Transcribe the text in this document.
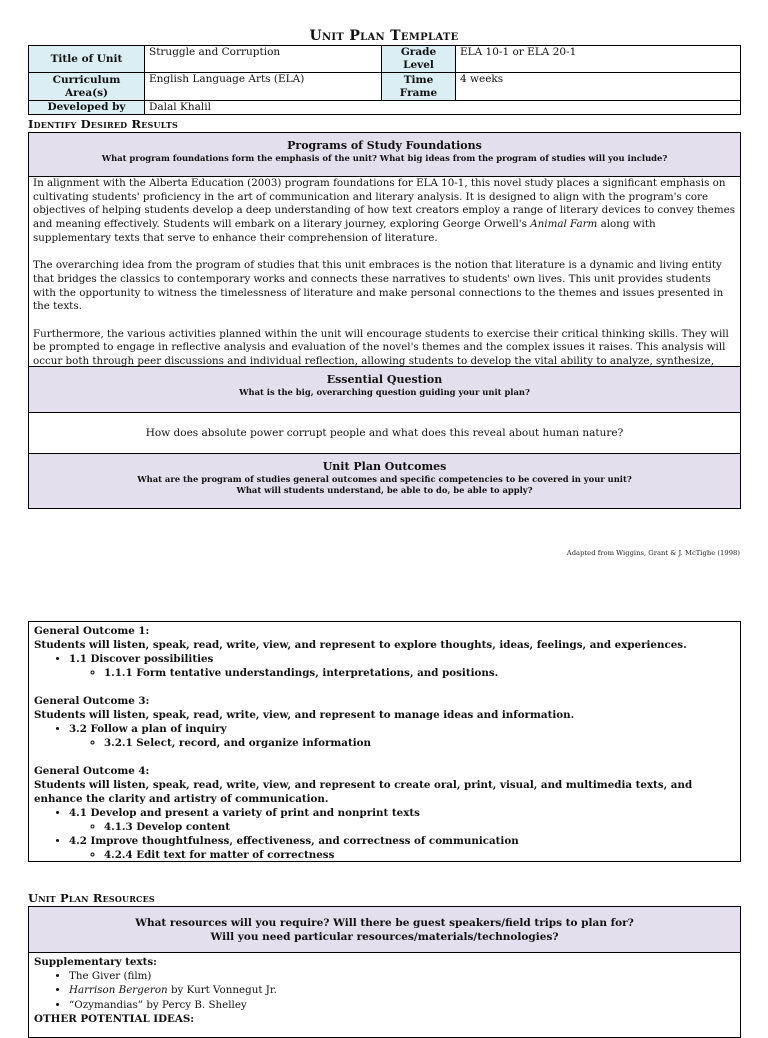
Unit Plan Template
Title of Unit	Struggle and Corruption	Grade Level	ELA 10-1 or ELA 20-1
Curriculum Area(s)	English Language Arts (ELA)	Time Frame	4 weeks
Developed by	Dalal Khalil		
Identify Desired Results
Programs of Study Foundations
What program foundations form the emphasis of the unit? What big ideas from the program of studies will you include?

In alignment with the Alberta Education (2003) program foundations for ELA 10-1, this novel study places a significant emphasis on cultivating students' proficiency in the art of communication and literary analysis. It is designed to align with the program's core objectives of helping students develop a deep understanding of how text creators employ a range of literary devices to convey themes and meaning effectively. Students will embark on a literary journey, exploring George Orwell's Animal Farm along with supplementary texts that serve to enhance their comprehension of literature.

The overarching idea from the program of studies that this unit embraces is the notion that literature is a dynamic and living entity that bridges the classics to contemporary works and connects these narratives to students' own lives. This unit provides students with the opportunity to witness the timelessness of literature and make personal connections to the themes and issues presented in the texts.

Furthermore, the various activities planned within the unit will encourage students to exercise their critical thinking skills. They will be prompted to engage in reflective analysis and evaluation of the novel's themes and the complex issues it raises. This analysis will occur both through peer discussions and individual reflection, allowing students to develop the vital ability to analyze, synthesize,

Essential Question
What is the big, overarching question guiding your unit plan?
How does absolute power corrupt people and what does this reveal about human nature?
Unit Plan Outcomes
What are the program of studies general outcomes and specific competencies to be covered in your unit?
What will students understand, be able to do, be able to apply?
Adapted from Wiggins, Grant & J. McTighe (1998)
General Outcome 1:
Students will listen, speak, read, write, view, and represent to explore thoughts, ideas, feelings, and experiences.
• 1.1 Discover possibilities
◦ 1.1.1 Form tentative understandings, interpretations, and positions.
General Outcome 3:
Students will listen, speak, read, write, view, and represent to manage ideas and information.
• 3.2 Follow a plan of inquiry
◦ 3.2.1 Select, record, and organize information
General Outcome 4:
Students will listen, speak, read, write, view, and represent to create oral, print, visual, and multimedia texts, and enhance the clarity and artistry of communication.
• 4.1 Develop and present a variety of print and nonprint texts
◦ 4.1.3 Develop content
• 4.2 Improve thoughtfulness, effectiveness, and correctness of communication
◦ 4.2.4 Edit text for matter of correctness
Unit Plan Resources
What resources will you require? Will there be guest speakers/field trips to plan for?
Will you need particular resources/materials/technologies?
Supplementary texts:
• The Giver (film)
• Harrison Bergeron by Kurt Vonnegut Jr.
• “Ozymandias” by Percy B. Shelley
OTHER POTENTIAL IDEAS:
